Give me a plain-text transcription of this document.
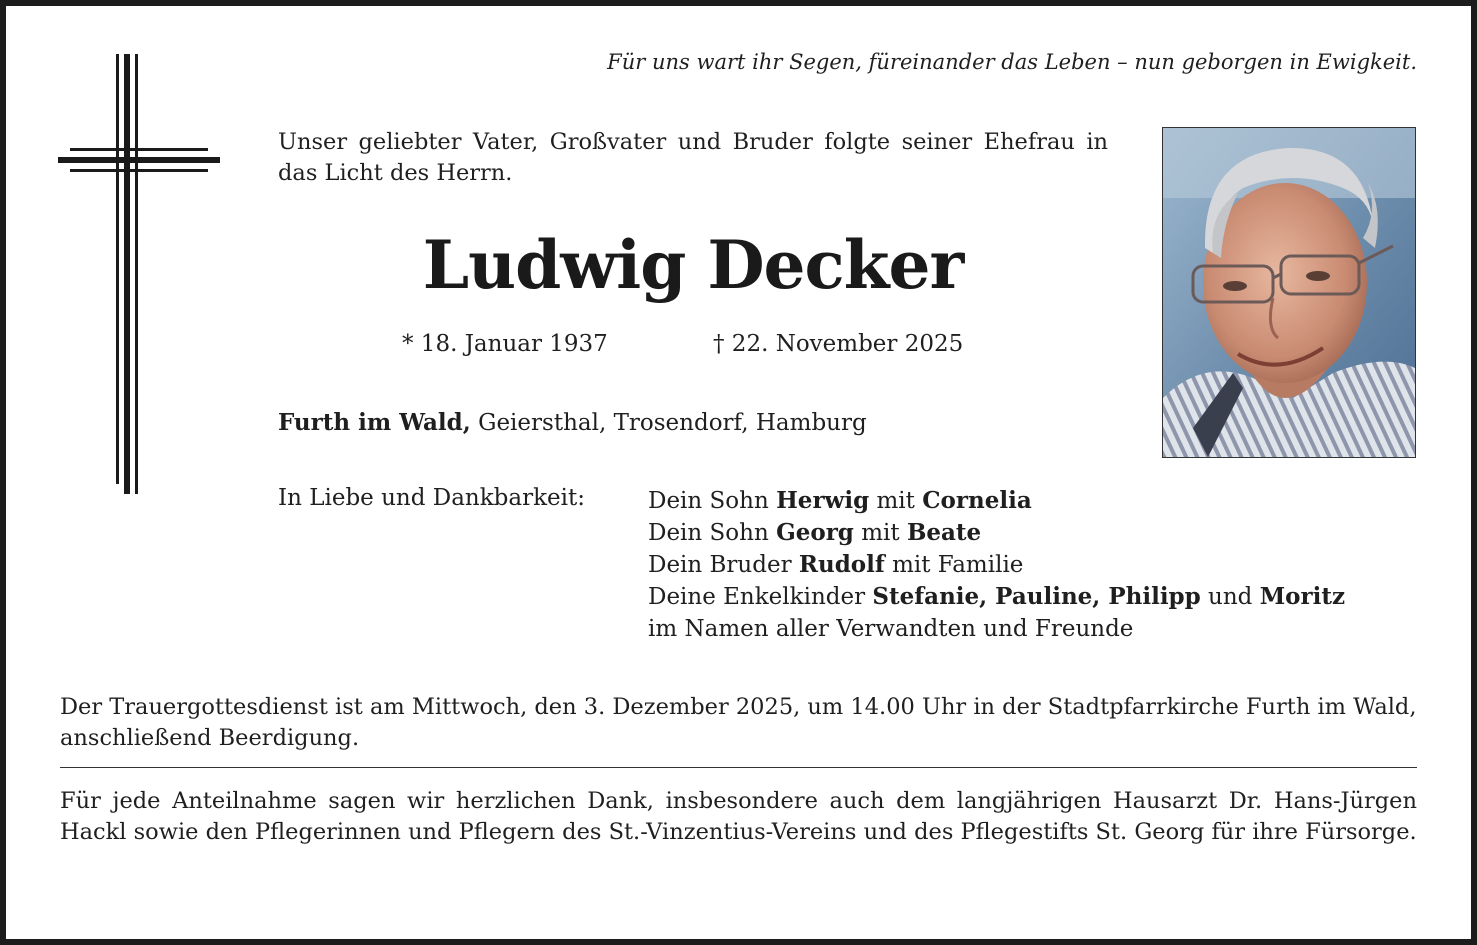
Für uns wart ihr Segen, füreinander das Leben – nun geborgen in Ewigkeit.
Unser geliebter Vater, Großvater und Bruder folgte seiner Ehefrau in das Licht des Herrn.
Ludwig Decker
* 18. Januar 1937	† 22. November 2025
Furth im Wald, Geiersthal, Trosendorf, Hamburg
In Liebe und Dankbarkeit:	Dein Sohn Herwig mit Cornelia
Dein Sohn Georg mit Beate
Dein Bruder Rudolf mit Familie
Deine Enkelkinder Stefanie, Pauline, Philipp und Moritz
im Namen aller Verwandten und Freunde
Der Trauergottesdienst ist am Mittwoch, den 3. Dezember 2025, um 14.00 Uhr in der Stadtpfarrkirche Furth im Wald, anschließend Beerdigung.
Für jede Anteilnahme sagen wir herzlichen Dank, insbesondere auch dem langjährigen Hausarzt Dr. Hans-Jürgen Hackl sowie den Pflegerinnen und Pflegern des St.-Vinzentius-Vereins und des Pflegestifts St. Georg für ihre Fürsorge.
